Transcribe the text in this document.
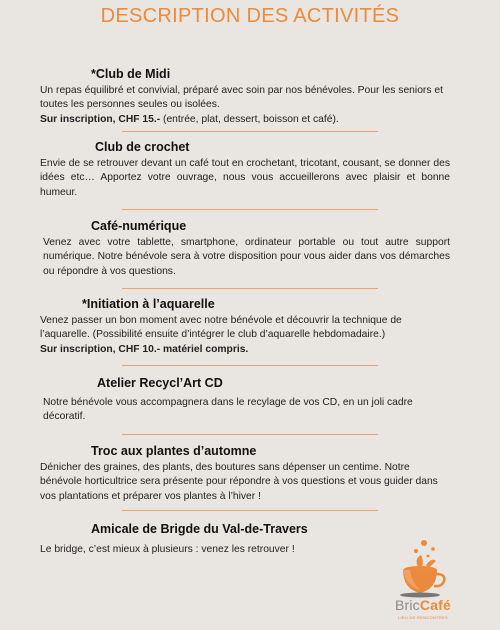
DESCRIPTION DES ACTIVITÉS
*Club de Midi

Un repas équilibré et convivial, préparé avec soin par nos bénévoles. Pour les seniors et toutes les personnes seules ou isolées.
Sur inscription, CHF 15.- (entrée, plat, dessert, boisson et café).

Club de crochet

Envie de se retrouver devant un café tout en crochetant, tricotant, cousant, se donner des idées etc… Apportez votre ouvrage, nous vous accueillerons avec plaisir et bonne humeur.

Café-numérique

Venez avec votre tablette, smartphone, ordinateur portable ou tout autre support numérique. Notre bénévole sera à votre disposition pour vous aider dans vos démarches ou répondre à vos questions.

*Initiation à l’aquarelle

Venez passer un bon moment avec notre bénévole et découvrir la technique de l’aquarelle. (Possibilité ensuite d’intégrer le club d’aquarelle hebdomadaire.)
Sur inscription, CHF 10.- matériel compris.

Atelier Recycl’Art CD

Notre bénévole vous accompagnera dans le recylage de vos CD, en un joli cadre décoratif.

Troc aux plantes d’automne

Dénicher des graines, des plants, des boutures sans dépenser un centime. Notre bénévole horticultrice sera présente pour répondre à vos questions et vous guider dans vos plantations et préparer vos plantes à l’hiver !

Amicale de Brigde du Val-de-Travers

Le bridge, c’est mieux à plusieurs : venez les retrouver !

BricCafé
LIEU DE RENCONTRES
